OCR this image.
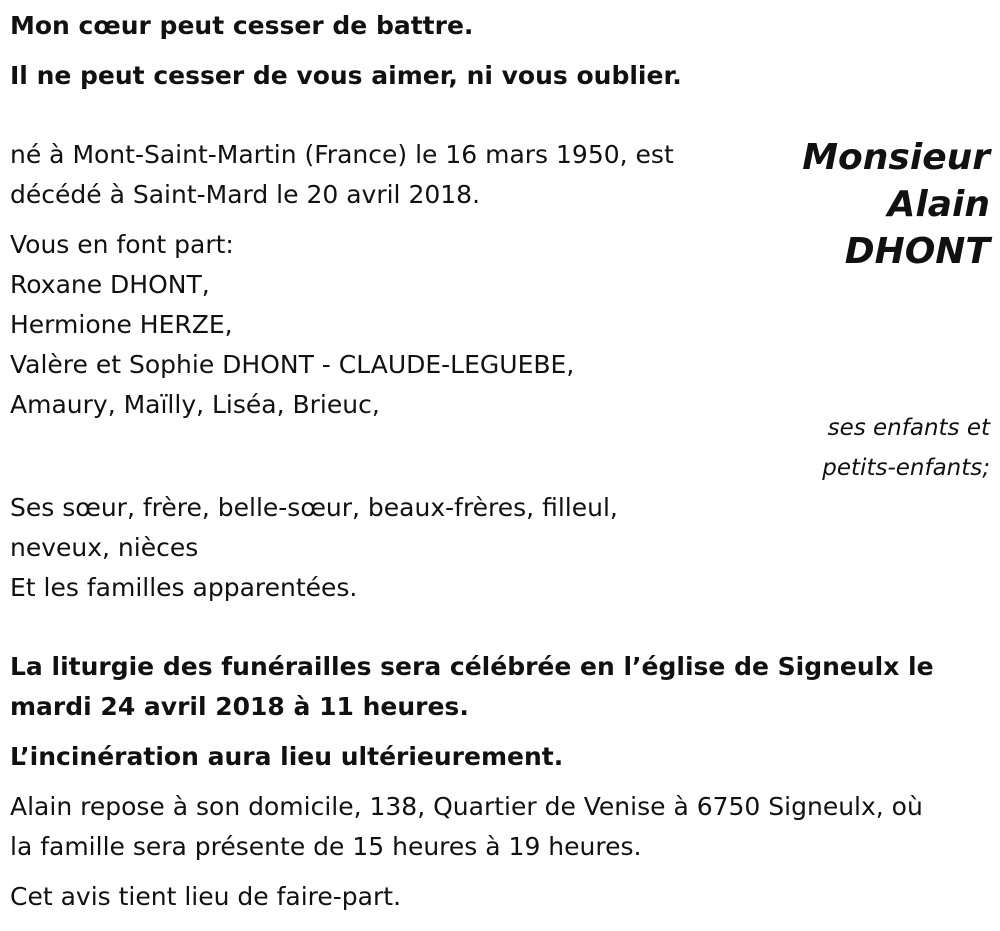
Mon cœur peut cesser de battre.
Il ne peut cesser de vous aimer, ni vous oublier.
né à Mont-Saint-Martin (France) le 16 mars 1950, est
décédé à Saint-Mard le 20 avril 2018.
Monsieur
Alain
DHONT
Vous en font part:
Roxane DHONT,
Hermione HERZE,
Valère et Sophie DHONT - CLAUDE-LEGUEBE,
Amaury, Maïlly, Liséa, Brieuc,
ses enfants et
petits-enfants;
Ses sœur, frère, belle-sœur, beaux-frères, filleul,
neveux, nièces
Et les familles apparentées.
La liturgie des funérailles sera célébrée en l’église de Signeulx le
mardi 24 avril 2018 à 11 heures.
L’incinération aura lieu ultérieurement.
Alain repose à son domicile, 138, Quartier de Venise à 6750 Signeulx, où
la famille sera présente de 15 heures à 19 heures.
Cet avis tient lieu de faire-part.
